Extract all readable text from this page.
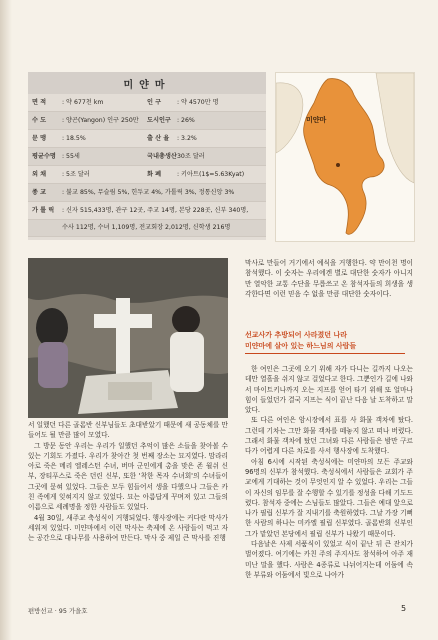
미얀마
면 적	: 약 677천 km	인 구	: 약 4570만 명
수 도	: 양곤(Yangon) 인구 250만	도시인구 : 26%
문 맹	: 18.5%	출 산 율	: 3.2%
평균수명 : 55세	국내총생산 30조 달러
외 채	: 5조 달러	화 폐	: 키아트(1$=5.63Kyat)
종 교	: 불교 85%, 무슬림 5%, 힌두교 4%, 가톨릭 3%, 정통신앙 3%
가 톨 릭	: 신자 515,433명, 관구 12곳, 주교 14명, 본당 228곳, 신부 340명,
수사 112명, 수녀 1,109명, 전교회장 2,012명, 신학생 216명
미얀마

서 일했던 다른 골롬반 신부님들도 초대받았기 때문에 새 공동체를 만들어도 될 만큼 많이 모였다.

그 방문 동안 우리는 우리가 일했던 추억이 많은 소들을 찾아볼 수 있는 기회도 가졌다. 우리가 찾아간 첫 번째 장소는 묘지였다. 맘라리아로 죽은 메리 엘레스턴 수녀, 버마 군인에게 총을 맞은 존 월쉬 신부, 장티푸스로 죽은 던린 신부, 또한 '착한 목자 수녀회'의 수녀들이 그곳에 묻혀 있었다. 그들은 모두 힘들어서 생을 다했으나 그들은 카친 족에게 잊혀지지 않고 있었다. 묘는 아름답게 꾸며져 있고 그들의 이름으로 세례명을 정한 사람들도 있었다.

4월 30일, 새주교 축성식이 거행되었다. 행사장에는 커다란 막사가 세워져 있었다. 미얀마에서 이런 막사는 축제에 온 사람들이 먹고 자는 공간으로 대나무를 사용하여 만든다. 막사 중 제일 큰 막사를 진행

막사로 만들어 거기에서 예식을 거행한다. 약 만이천 명이 참석했다. 이 숫자는 우리에겐 별로 대단한 숫자가 아니지만 열악한 교통 수단을 무릅쓰고 온 참석자들의 희생을 생각한다면 이런 믿음 수 없을 만큼 대단한 숫자이다.

선교사가 추방되어 사라졌던 나라
미얀마에 살아 있는 하느님의 사람들

한 여인은 그곳에 오기 위해 자가 다니는 길까지 나오는 데만 열흘을 쉬지 않고 걸었다고 한다. 그뿐인가 길에 나와서 마이트키나까지 오는 지프를 얻어 타기 위해 또 얼마나 힘이 들었던가 결국 지프는 식이 끝난 다음 날 도착하고 말았다.

또 다른 여인은 암시장에서 표를 사 화물 객차에 탔다. 그런데 기차는 그만 화물 객차를 떼놓지 않고 떠나 버렸다. 그래서 화물 객차에 탔던 그녀와 다른 사람들은 밤만 구르다가 어렵게 다른 차로를 사서 행사장에 도착했다.

아침 6시에 시작된 축성식에는 미얀마의 모든 주교와 96명의 신부가 참석했다. 축성식에서 사람들은 교회가 주교에게 기대하는 것이 무엇인지 알 수 있었다. 우리는 그들이 자신의 임무를 잘 수행할 수 있기를 정성을 다해 기도드렸다. 참석자 중에는 스님들도 많았다. 그들은 예대 앞으로 나가 필립 신부가 잘 지내기를 축원하였다. 그날 가장 기뻐한 사람의 하나는 미카엘 필립 신부였다. 골롬반회 신부인 그가 맡았던 본당에서 필립 신부가 나왔기 때문이다.

다음날은 사제 서품식이 있었고 식이 끝난 뒤 큰 잔치가 벌어졌다. 여기에는 카친 주의 주지사도 참석하여 아주 재미난 말을 했다. 사람은 4종류로 나뉘어지는데 어둠에 속한 부류와 어둠에서 빛으로 나아가

편방선교 · 95 가을호	5
